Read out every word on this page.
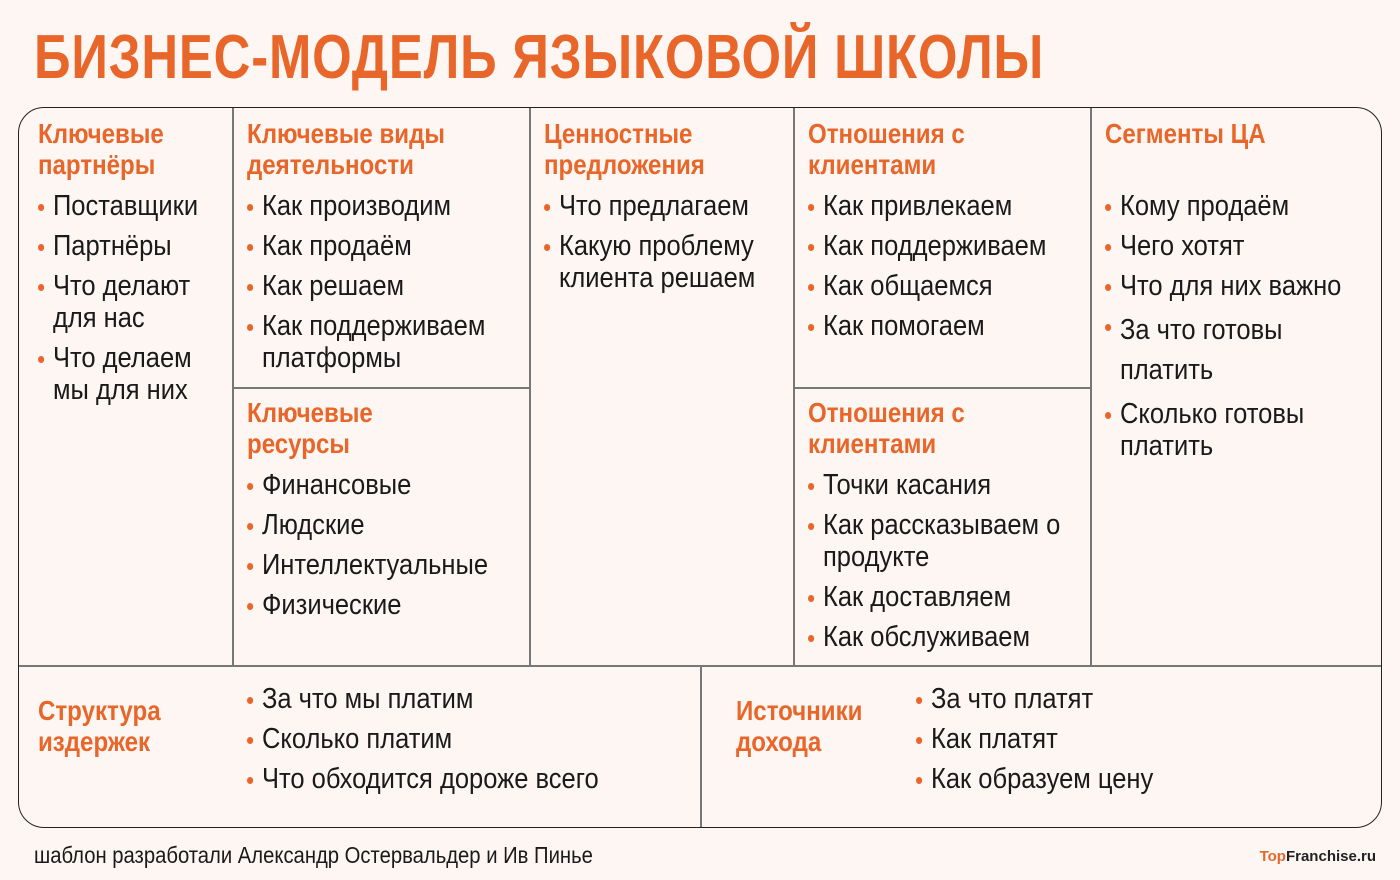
БИЗНЕС-МОДЕЛЬ ЯЗЫКОВОЙ ШКОЛЫ
Ключевые партнёры
Поставщики
Партнёры
Что делают для нас
Что делаем мы для них
Ключевые виды деятельности
Как производим
Как продаём
Как решаем
Как поддерживаем платформы
Ключевые ресурсы
Финансовые
Людские
Интеллектуальные
Физические
Ценностные предложения
Что предлагаем
Какую проблему клиента решаем
Отношения с клиентами
Как привлекаем
Как поддерживаем
Как общаемся
Как помогаем
Отношения с клиентами
Точки касания
Как рассказываем о продукте
Как доставляем
Как обслуживаем
Сегменты ЦА
Кому продаём
Чего хотят
Что для них важно
За что готовы платить
Сколько готовы платить
Структура издержек
За что мы платим
Сколько платим
Что обходится дороже всего
Источники дохода
За что платят
Как платят
Как образуем цену
шаблон разработали Александр Остервальдер и Ив Пинье	TopFranchise.ru
